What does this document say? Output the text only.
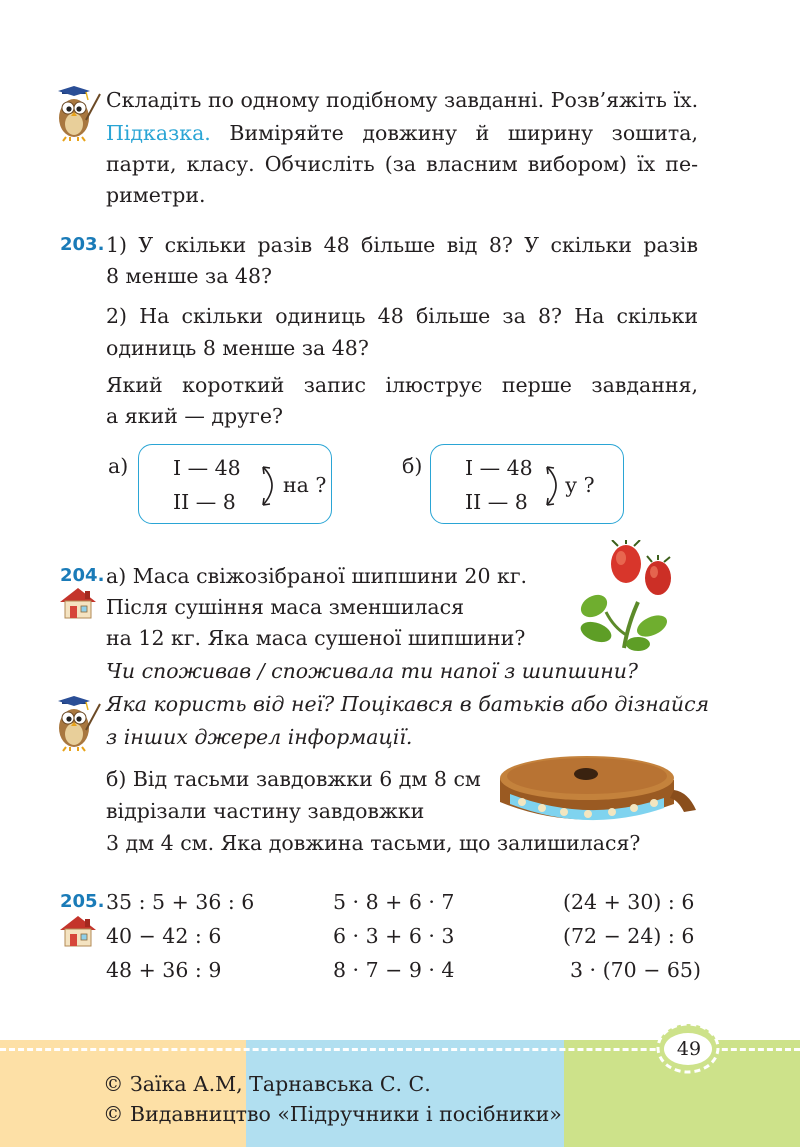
Складіть по одному подібному завданні. Розв’яжіть їх.
Підказка. Виміряйте довжину й ширину зошита,
парти, класу. Обчисліть (за власним вибором) їх пе-
риметри.
203. 1) У скільки разів 48 більше від 8? У скільки разів
8 менше за 48?
2) На скільки одиниць 48 більше за 8? На скільки
одиниць 8 менше за 48?
Який короткий запис ілюструє перше завдання,
а який — друге?
а) I — 48
II — 8
на ?
б) I — 48
II — 8
у ?
204. а) Маса свіжозібраної шипшини 20 кг.
Після сушіння маса зменшилася
на 12 кг. Яка маса сушеної шипшини?
Чи споживав / споживала ти напої з шипшини?
Яка користь від неї? Поцікався в батьків або дізнайся
з інших джерел інформації.
б) Від тасьми завдовжки 6 дм 8 см
відрізали частину завдовжки
3 дм 4 см. Яка довжина тасьми, що залишилася?
205. 35 : 5 + 36 : 6
40 − 42 : 6
48 + 36 : 9
5 · 8 + 6 · 7
6 · 3 + 6 · 3
8 · 7 − 9 · 4
(24 + 30) : 6
(72 − 24) : 6
3 · (70 − 65)
49
© Заїка А.М, Тарнавська С. С.
© Видавництво «Підручники і посібники»
